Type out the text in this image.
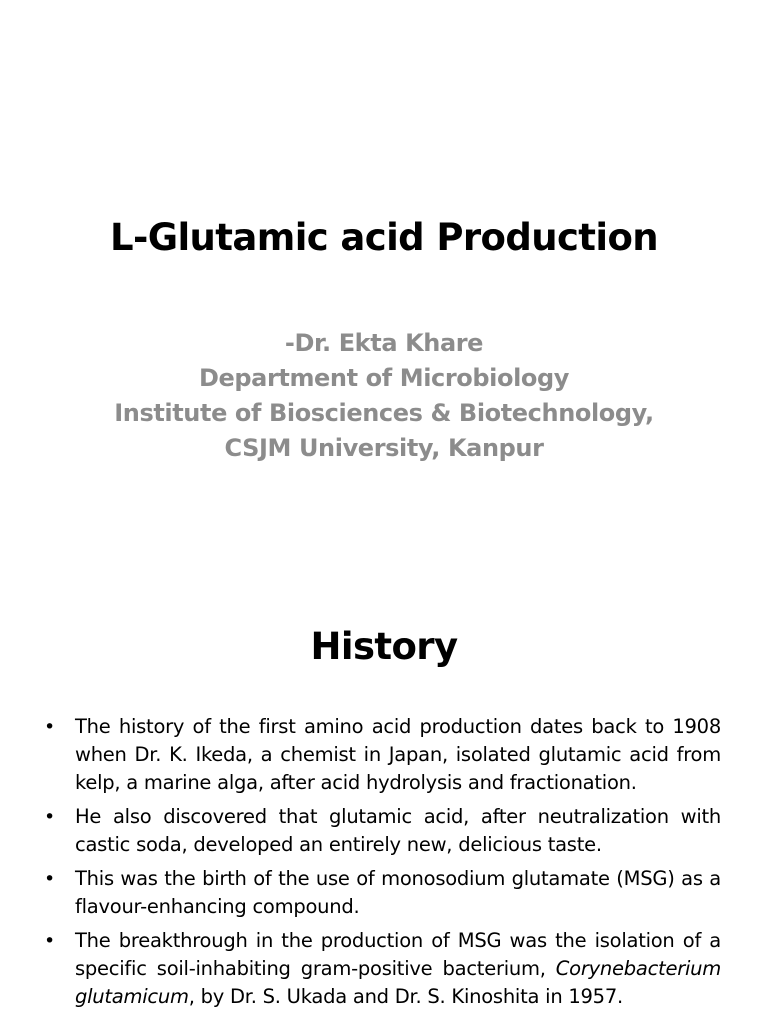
L-Glutamic acid Production
-Dr. Ekta Khare
Department of Microbiology
Institute of Biosciences & Biotechnology,
CSJM University, Kanpur
History
• The history of the first amino acid production dates back to 1908 when Dr. K. Ikeda, a chemist in Japan, isolated glutamic acid from kelp, a marine alga, after acid hydrolysis and fractionation.
• He also discovered that glutamic acid, after neutralization with castic soda, developed an entirely new, delicious taste.
• This was the birth of the use of monosodium glutamate (MSG) as a flavour-enhancing compound.
• The breakthrough in the production of MSG was the isolation of a specific soil-inhabiting gram-positive bacterium, Corynebacterium glutamicum, by Dr. S. Ukada and Dr. S. Kinoshita in 1957.
